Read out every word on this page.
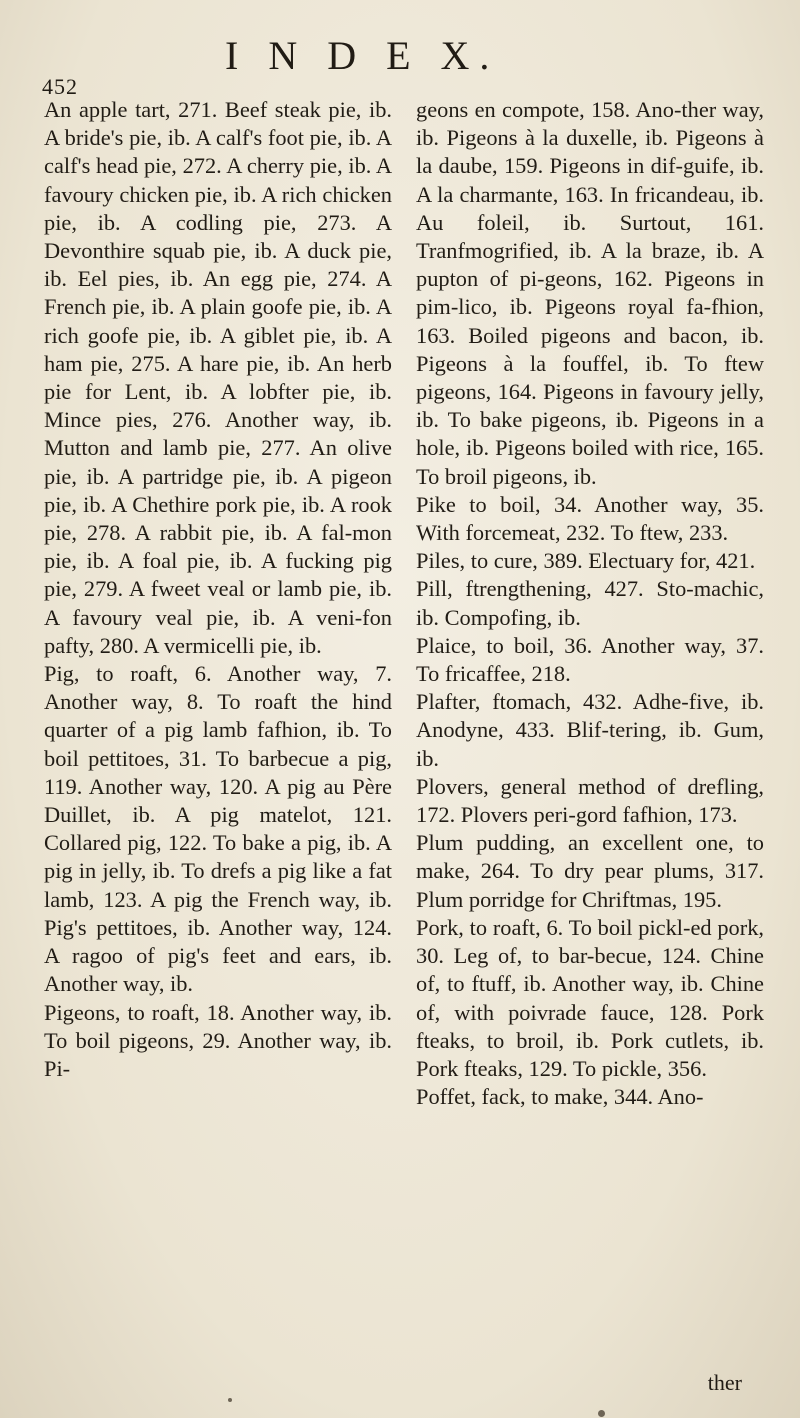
452
I N D E X.

An apple tart, 271. Beef steak pie, ib. A bride's pie, ib. A calf's foot pie, ib. A calf's head pie, 272. A cherry pie, ib. A favoury chicken pie, ib. A rich chicken pie, ib. A codling pie, 273. A Devonthire squab pie, ib. A duck pie, ib. Eel pies, ib. An egg pie, 274. A French pie, ib. A plain goofe pie, ib. A rich goofe pie, ib. A giblet pie, ib. A ham pie, 275. A hare pie, ib. An herb pie for Lent, ib. A lobfter pie, ib. Mince pies, 276. Another way, ib. Mutton and lamb pie, 277. An olive pie, ib. A partridge pie, ib. A pigeon pie, ib. A Chethire pork pie, ib. A rook pie, 278. A rabbit pie, ib. A fal-mon pie, ib. A foal pie, ib. A fucking pig pie, 279. A fweet veal or lamb pie, ib. A favoury veal pie, ib. A veni-fon pafty, 280. A vermicelli pie, ib.

Pig, to roaft, 6. Another way, 7. Another way, 8. To roaft the hind quarter of a pig lamb fafhion, ib. To boil pettitoes, 31. To barbecue a pig, 119. Another way, 120. A pig au Père Duillet, ib. A pig matelot, 121. Collared pig, 122. To bake a pig, ib. A pig in jelly, ib. To drefs a pig like a fat lamb, 123. A pig the French way, ib. Pig's pettitoes, ib. Another way, 124. A ragoo of pig's feet and ears, ib. Another way, ib.

Pigeons, to roaft, 18. Another way, ib. To boil pigeons, 29. Another way, ib. Pi-

geons en compote, 158. Ano-ther way, ib. Pigeons à la duxelle, ib. Pigeons à la daube, 159. Pigeons in dif-guife, ib. A la charmante, 163. In fricandeau, ib. Au foleil, ib. Surtout, 161. Tranfmogrified, ib. A la braze, ib. A pupton of pi-geons, 162. Pigeons in pim-lico, ib. Pigeons royal fa-fhion, 163. Boiled pigeons and bacon, ib. Pigeons à la fouffel, ib. To ftew pigeons, 164. Pigeons in favoury jelly, ib. To bake pigeons, ib. Pigeons in a hole, ib. Pigeons boiled with rice, 165. To broil pigeons, ib.

Pike to boil, 34. Another way, 35. With forcemeat, 232. To ftew, 233.

Piles, to cure, 389. Electuary for, 421.

Pill, ftrengthening, 427. Sto-machic, ib. Compofing, ib.

Plaice, to boil, 36. Another way, 37. To fricaffee, 218.

Plafter, ftomach, 432. Adhe-five, ib. Anodyne, 433. Blif-tering, ib. Gum, ib.

Plovers, general method of drefling, 172. Plovers peri-gord fafhion, 173.

Plum pudding, an excellent one, to make, 264. To dry pear plums, 317. Plum porridge for Chriftmas, 195.

Pork, to roaft, 6. To boil pickl-ed pork, 30. Leg of, to bar-becue, 124. Chine of, to ftuff, ib. Another way, ib. Chine of, with poivrade fauce, 128. Pork fteaks, to broil, ib. Pork cutlets, ib. Pork fteaks, 129. To pickle, 356.

Poffet, fack, to make, 344. Ano-

ther
